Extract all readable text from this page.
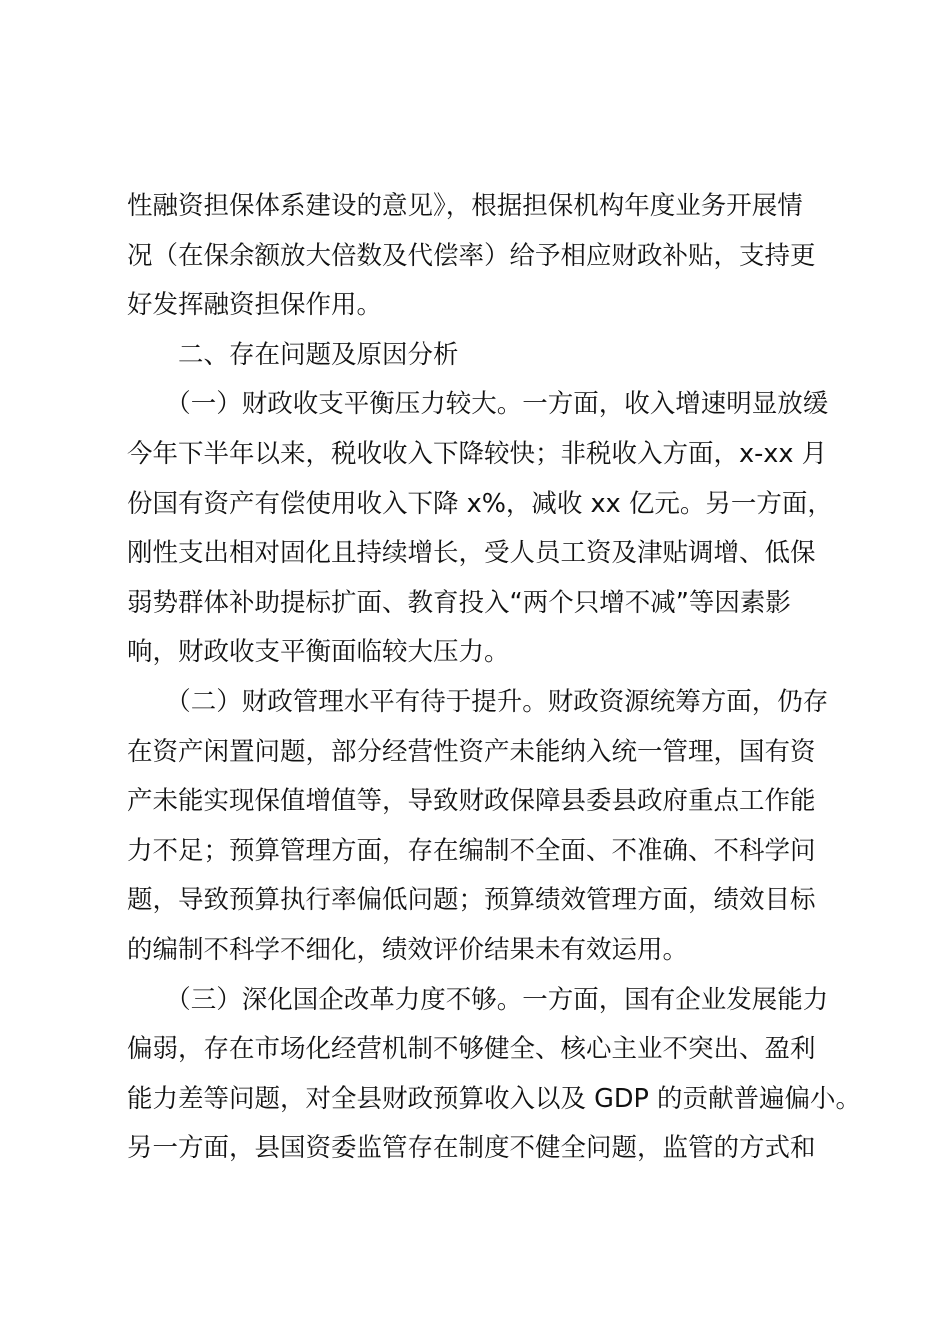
性融资担保体系建设的意见》，根据担保机构年度业务开展情
况（在保余额放大倍数及代偿率）给予相应财政补贴，支持更
好发挥融资担保作用。
　　二、存在问题及原因分析
　　（一）财政收支平衡压力较大。一方面，收入增速明显放缓
今年下半年以来，税收收入下降较快；非税收入方面，x-xx 月
份国有资产有偿使用收入下降 x%，减收 xx 亿元。另一方面，
刚性支出相对固化且持续增长，受人员工资及津贴调增、低保
弱势群体补助提标扩面、教育投入“两个只增不减”等因素影
响，财政收支平衡面临较大压力。
　　（二）财政管理水平有待于提升。财政资源统筹方面，仍存
在资产闲置问题，部分经营性资产未能纳入统一管理，国有资
产未能实现保值增值等，导致财政保障县委县政府重点工作能
力不足；预算管理方面，存在编制不全面、不准确、不科学问
题，导致预算执行率偏低问题；预算绩效管理方面，绩效目标
的编制不科学不细化，绩效评价结果未有效运用。
　　（三）深化国企改革力度不够。一方面，国有企业发展能力
偏弱，存在市场化经营机制不够健全、核心主业不突出、盈利
能力差等问题，对全县财政预算收入以及 GDP 的贡献普遍偏小。
另一方面，县国资委监管存在制度不健全问题，监管的方式和
